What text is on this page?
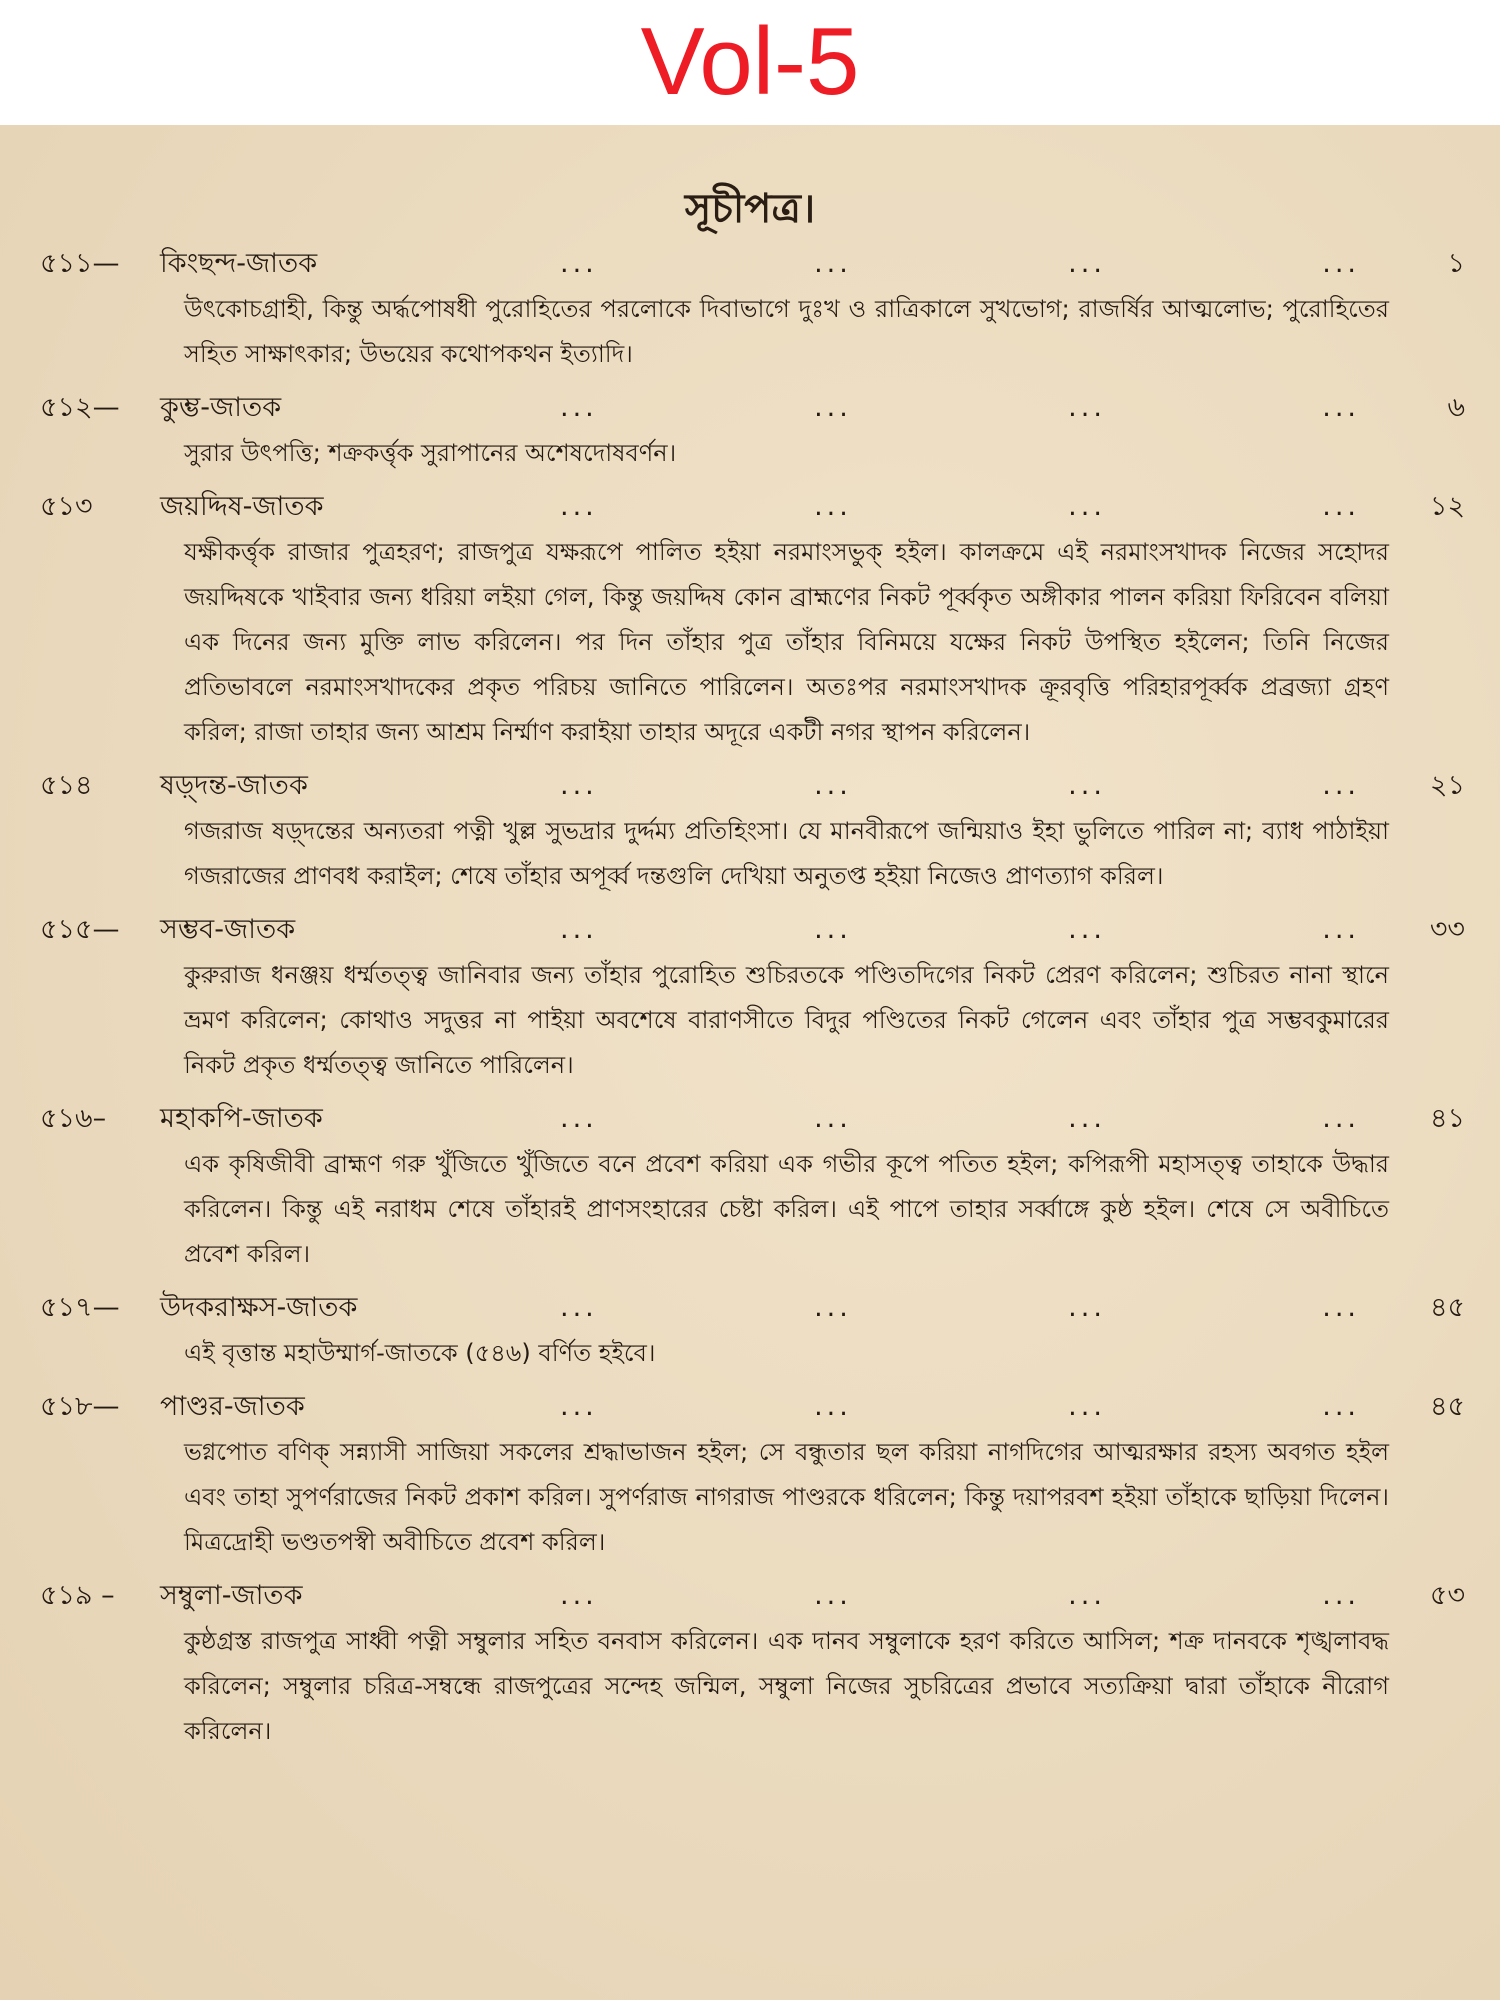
Vol-5
সূচীপত্র।
৫১১—	কিংছন্দ-জাতক	...	...	...	...	১

উৎকোচগ্রাহী, কিন্তু অর্দ্ধপোষধী পুরোহিতের পরলোকে দিবাভাগে দুঃখ ও রাত্রিকালে সুখভোগ; রাজর্ষির আত্মলোভ; পুরোহিতের সহিত সাক্ষাৎকার; উভয়ের কথোপকথন ইত্যাদি।

৫১২—	কুম্ভ-জাতক	...	...	...	...	৬

সুরার উৎপত্তি; শক্রকর্ত্তৃক সুরাপানের অশেষদোষবর্ণন।

৫১৩	জয়দ্দিষ-জাতক	...	...	...	...	১২

যক্ষীকর্ত্তৃক রাজার পুত্রহরণ; রাজপুত্র যক্ষরূপে পালিত হইয়া নরমাংসভুক্ হইল। কালক্রমে এই নরমাংসখাদক নিজের সহোদর জয়দ্দিষকে খাইবার জন্য ধরিয়া লইয়া গেল, কিন্তু জয়দ্দিষ কোন ব্রাহ্মণের নিকট পূর্ব্বকৃত অঙ্গীকার পালন করিয়া ফিরিবেন বলিয়া এক দিনের জন্য মুক্তি লাভ করিলেন। পর দিন তাঁহার পুত্র তাঁহার বিনিময়ে যক্ষের নিকট উপস্থিত হইলেন; তিনি নিজের প্রতিভাবলে নরমাংসখাদকের প্রকৃত পরিচয় জানিতে পারিলেন। অতঃপর নরমাংসখাদক ক্রূরবৃত্তি পরিহারপূর্ব্বক প্রব্রজ্যা গ্রহণ করিল; রাজা তাহার জন্য আশ্রম নির্ম্মাণ করাইয়া তাহার অদূরে একটী নগর স্থাপন করিলেন।

৫১৪	ষড়্দন্ত-জাতক	...	...	...	...	২১

গজরাজ ষড়্দন্তের অন্যতরা পত্নী খুল্ল সুভদ্রার দুর্দ্দম্য প্রতিহিংসা। যে মানবীরূপে জন্মিয়াও ইহা ভুলিতে পারিল না; ব্যাধ পাঠাইয়া গজরাজের প্রাণবধ করাইল; শেষে তাঁহার অপূর্ব্ব দন্তগুলি দেখিয়া অনুতপ্ত হইয়া নিজেও প্রাণত্যাগ করিল।

৫১৫—	সম্ভব-জাতক	...	...	...	...	৩৩

কুরুরাজ ধনঞ্জয় ধর্ম্মতত্ত্ব জানিবার জন্য তাঁহার পুরোহিত শুচিরতকে পণ্ডিতদিগের নিকট প্রেরণ করিলেন; শুচিরত নানা স্থানে ভ্রমণ করিলেন; কোথাও সদুত্তর না পাইয়া অবশেষে বারাণসীতে বিদুর পণ্ডিতের নিকট গেলেন এবং তাঁহার পুত্র সম্ভবকুমারের নিকট প্রকৃত ধর্ম্মতত্ত্ব জানিতে পারিলেন।

৫১৬–	মহাকপি-জাতক	...	...	...	...	৪১

এক কৃষিজীবী ব্রাহ্মণ গরু খুঁজিতে খুঁজিতে বনে প্রবেশ করিয়া এক গভীর কূপে পতিত হইল; কপিরূপী মহাসত্ত্ব তাহাকে উদ্ধার করিলেন। কিন্তু এই নরাধম শেষে তাঁহারই প্রাণসংহারের চেষ্টা করিল। এই পাপে তাহার সর্ব্বাঙ্গে কুষ্ঠ হইল। শেষে সে অবীচিতে প্রবেশ করিল।

৫১৭—	উদকরাক্ষস-জাতক	...	...	...	...	৪৫

এই বৃত্তান্ত মহাউম্মার্গ-জাতকে (৫৪৬) বর্ণিত হইবে।

৫১৮—	পাণ্ডর-জাতক	...	...	...	...	৪৫

ভগ্নপোত বণিক্ সন্ন্যাসী সাজিয়া সকলের শ্রদ্ধাভাজন হইল; সে বন্ধুতার ছল করিয়া নাগদিগের আত্মরক্ষার রহস্য অবগত হইল এবং তাহা সুপর্ণরাজের নিকট প্রকাশ করিল। সুপর্ণরাজ নাগরাজ পাণ্ডরকে ধরিলেন; কিন্তু দয়াপরবশ হইয়া তাঁহাকে ছাড়িয়া দিলেন। মিত্রদ্রোহী ভণ্ডতপস্বী অবীচিতে প্রবেশ করিল।

৫১৯ –	সম্বুলা-জাতক	...	...	...	...	৫৩

কুষ্ঠগ্রস্ত রাজপুত্র সাধ্বী পত্নী সম্বুলার সহিত বনবাস করিলেন। এক দানব সম্বুলাকে হরণ করিতে আসিল; শক্র দানবকে শৃঙ্খলাবদ্ধ করিলেন; সম্বুলার চরিত্র-সম্বন্ধে রাজপুত্রের সন্দেহ জন্মিল, সম্বুলা নিজের সুচরিত্রের প্রভাবে সত্যক্রিয়া দ্বারা তাঁহাকে নীরোগ করিলেন।
